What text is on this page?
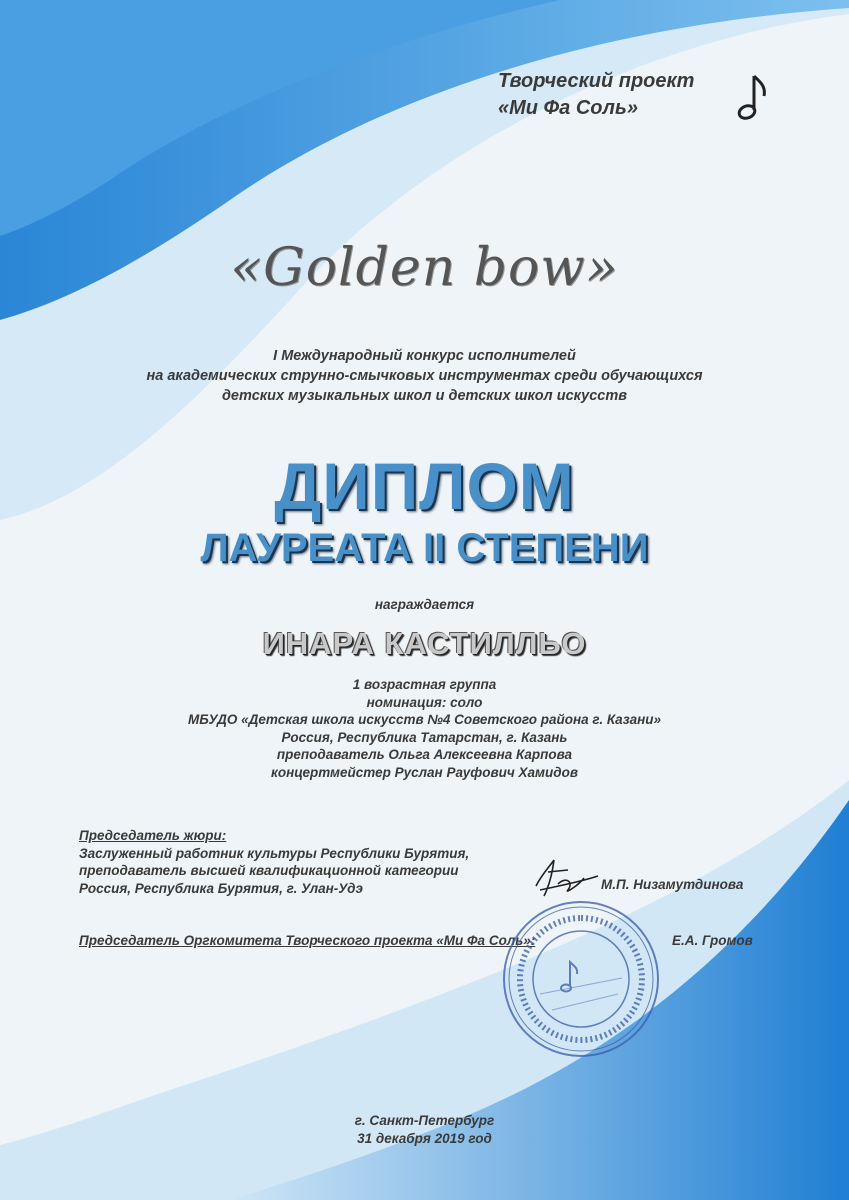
Творческий проект
«Ми Фа Соль»
«Golden bow»
I Международный конкурс исполнителей
на академических струнно-смычковых инструментах среди обучающихся
детских музыкальных школ и детских школ искусств
ДИПЛОМ
ЛАУРЕАТА II СТЕПЕНИ
награждается
ИНАРА КАСТИЛЛЬО
1 возрастная группа
номинация: соло
МБУДО «Детская школа искусств №4 Советского района г. Казани»
Россия, Республика Татарстан, г. Казань
преподаватель Ольга Алексеевна Карпова
концертмейстер Руслан Рауфович Хамидов
Председатель жюри:
Заслуженный работник культуры Республики Бурятия,
преподаватель высшей квалификационной категории
Россия, Республика Бурятия, г. Улан-Удэ	М.П. Низамутдинова
Председатель Оргкомитета Творческого проекта «Ми Фа Соль»:	Е.А. Громов
г. Санкт-Петербург
31 декабря 2019 год
